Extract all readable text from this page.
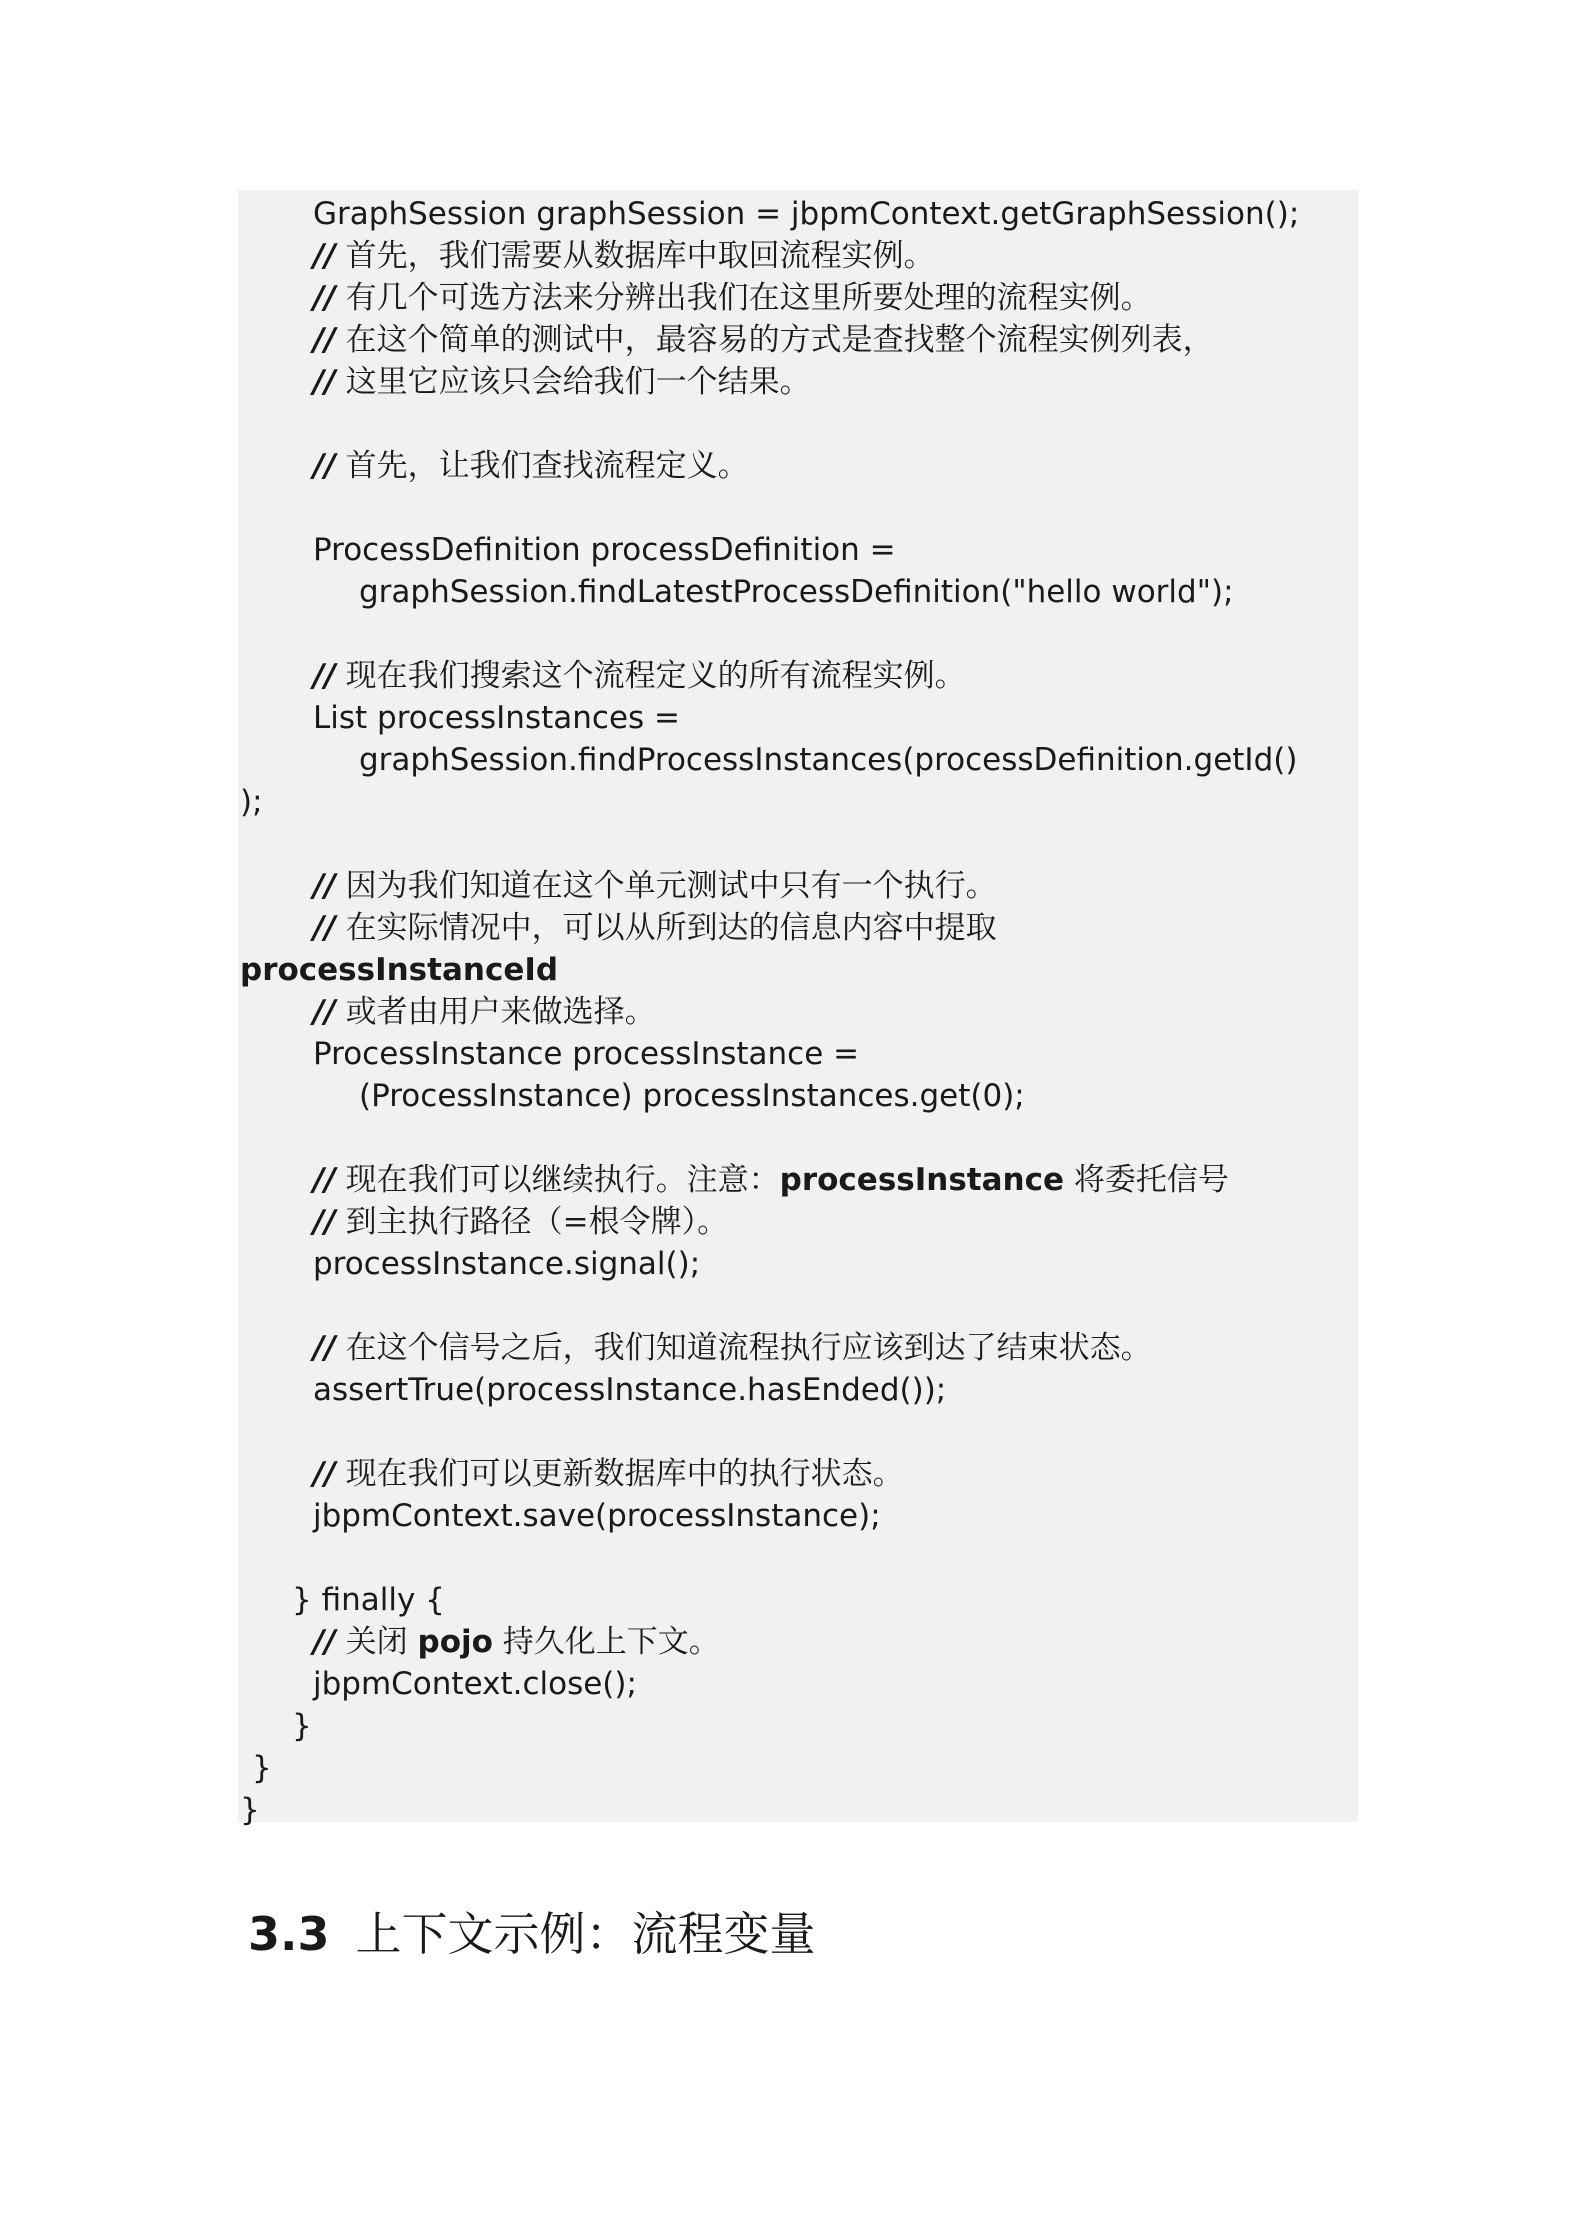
GraphSession graphSession = jbpmContext.getGraphSession();
// 首先，我们需要从数据库中取回流程实例。
// 有几个可选方法来分辨出我们在这里所要处理的流程实例。
// 在这个简单的测试中，最容易的方式是查找整个流程实例列表，
// 这里它应该只会给我们一个结果。
// 首先，让我们查找流程定义。
ProcessDefinition processDefinition =
graphSession.findLatestProcessDefinition("hello world");
// 现在我们搜索这个流程定义的所有流程实例。
List processInstances =
graphSession.findProcessInstances(processDefinition.getId()
);
// 因为我们知道在这个单元测试中只有一个执行。
// 在实际情况中，可以从所到达的信息内容中提取
processInstanceId
// 或者由用户来做选择。
ProcessInstance processInstance =
(ProcessInstance) processInstances.get(0);
// 现在我们可以继续执行。注意：processInstance 将委托信号
// 到主执行路径（=根令牌）。
processInstance.signal();
// 在这个信号之后，我们知道流程执行应该到达了结束状态。
assertTrue(processInstance.hasEnded());
// 现在我们可以更新数据库中的执行状态。
jbpmContext.save(processInstance);
} finally {
// 关闭 pojo 持久化上下文。
jbpmContext.close();
}
}
}

3.3 上下文示例：流程变量
